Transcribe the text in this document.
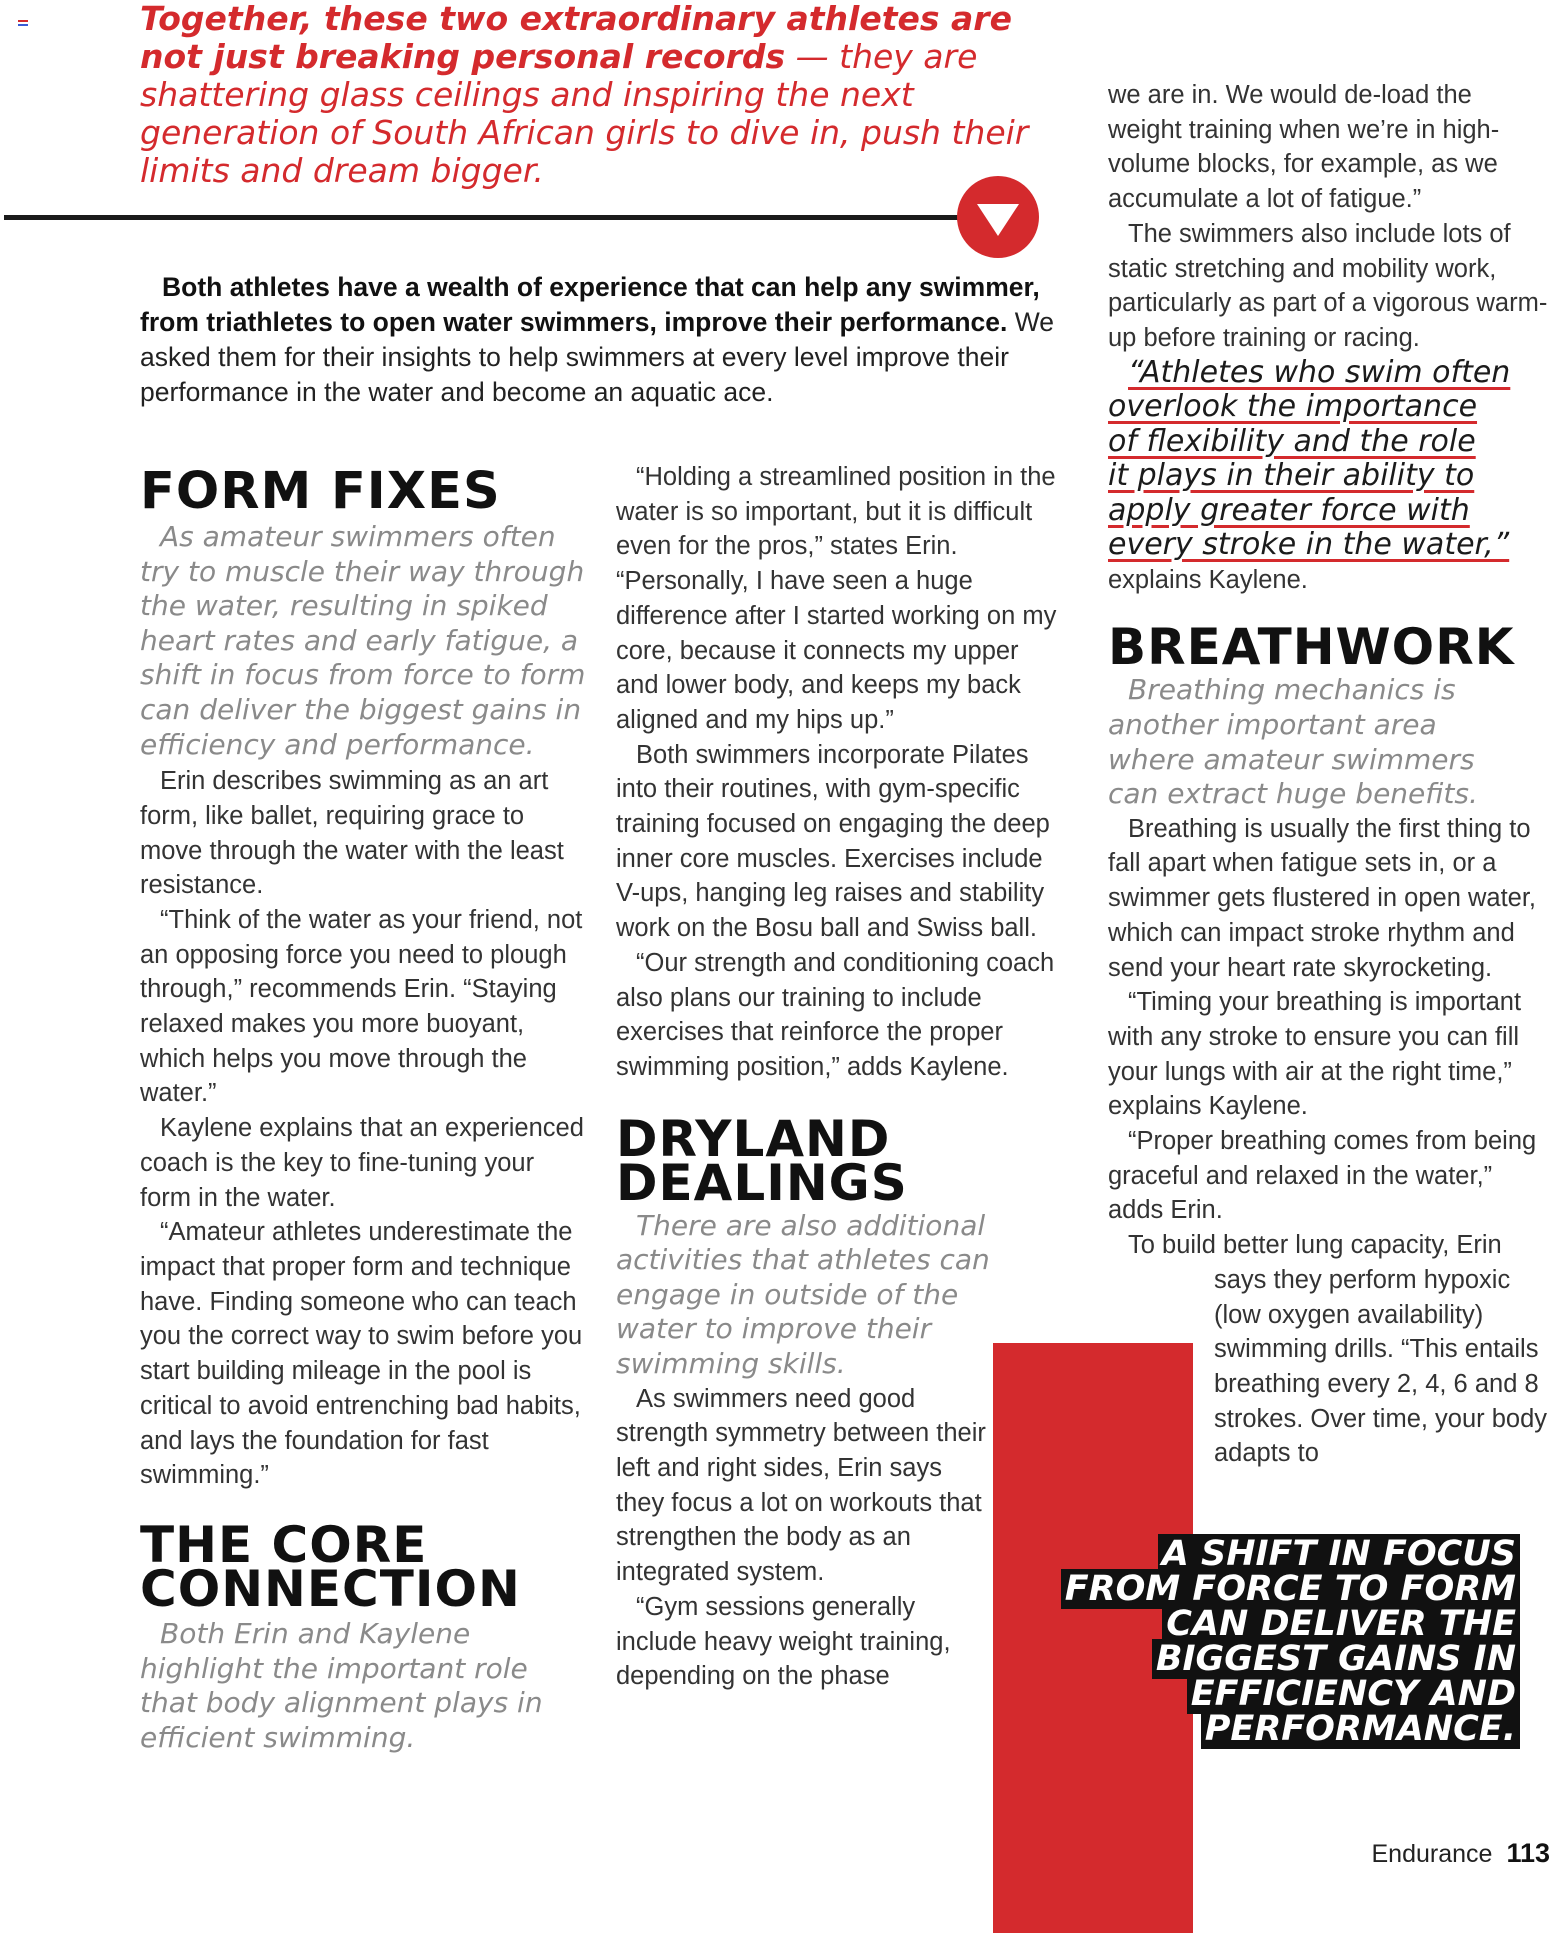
Together, these two extraordinary athletes are not just breaking personal records — they are shattering glass ceilings and inspiring the next generation of South African girls to dive in, push their limits and dream bigger.

Both athletes have a wealth of experience that can help any swimmer, from triathletes to open water swimmers, improve their performance. We asked them for their insights to help swimmers at every level improve their performance in the water and become an aquatic ace.

FORM FIXES

As amateur swimmers often try to muscle their way through the water, resulting in spiked heart rates and early fatigue, a shift in focus from force to form can deliver the biggest gains in efficiency and performance.

Erin describes swimming as an art form, like ballet, requiring grace to move through the water with the least resistance.

“Think of the water as your friend, not an opposing force you need to plough through,” recommends Erin. “Staying relaxed makes you more buoyant, which helps you move through the water.”

Kaylene explains that an experienced coach is the key to fine-tuning your form in the water.

“Amateur athletes underestimate the impact that proper form and technique have. Finding someone who can teach you the correct way to swim before you start building mileage in the pool is critical to avoid entrenching bad habits, and lays the foundation for fast swimming.”

THE CORE
CONNECTION

Both Erin and Kaylene highlight the important role that body alignment plays in efficient swimming.

“Holding a streamlined position in the water is so important, but it is difficult even for the pros,” states Erin. “Personally, I have seen a huge difference after I started working on my core, because it connects my upper and lower body, and keeps my back aligned and my hips up.”

Both swimmers incorporate Pilates into their routines, with gym-specific training focused on engaging the deep inner core muscles. Exercises include V-ups, hanging leg raises and stability work on the Bosu ball and Swiss ball.

“Our strength and conditioning coach also plans our training to include exercises that reinforce the proper swimming position,” adds Kaylene.

DRYLAND
DEALINGS

There are also additional activities that athletes can engage in outside of the water to improve their swimming skills.

As swimmers need good strength symmetry between their left and right sides, Erin says they focus a lot on workouts that strengthen the body as an integrated system.

“Gym sessions generally include heavy weight training, depending on the phase

we are in. We would de-load the weight training when we’re in high-volume blocks, for example, as we accumulate a lot of fatigue.”

The swimmers also include lots of static stretching and mobility work, particularly as part of a vigorous warm-up before training or racing.

“Athletes who swim often
overlook the importance
of flexibility and the role
it plays in their ability to
apply greater force with
every stroke in the water,”

explains Kaylene.

BREATHWORK

Breathing mechanics is another important area where amateur swimmers can extract huge benefits.

Breathing is usually the first thing to fall apart when fatigue sets in, or a swimmer gets flustered in open water, which can impact stroke rhythm and send your heart rate skyrocketing.

“Timing your breathing is important with any stroke to ensure you can fill your lungs with air at the right time,” explains Kaylene.

“Proper breathing comes from being graceful and relaxed in the water,” adds Erin.

To build better lung capacity, Erin

says they perform hypoxic (low oxygen availability) swimming drills. “This entails breathing every 2, 4, 6 and 8 strokes. Over time, your body adapts to

A SHIFT IN FOCUS FROM FORCE TO FORM CAN DELIVER THE BIGGEST GAINS IN EFFICIENCY AND PERFORMANCE.

Endurance 113
